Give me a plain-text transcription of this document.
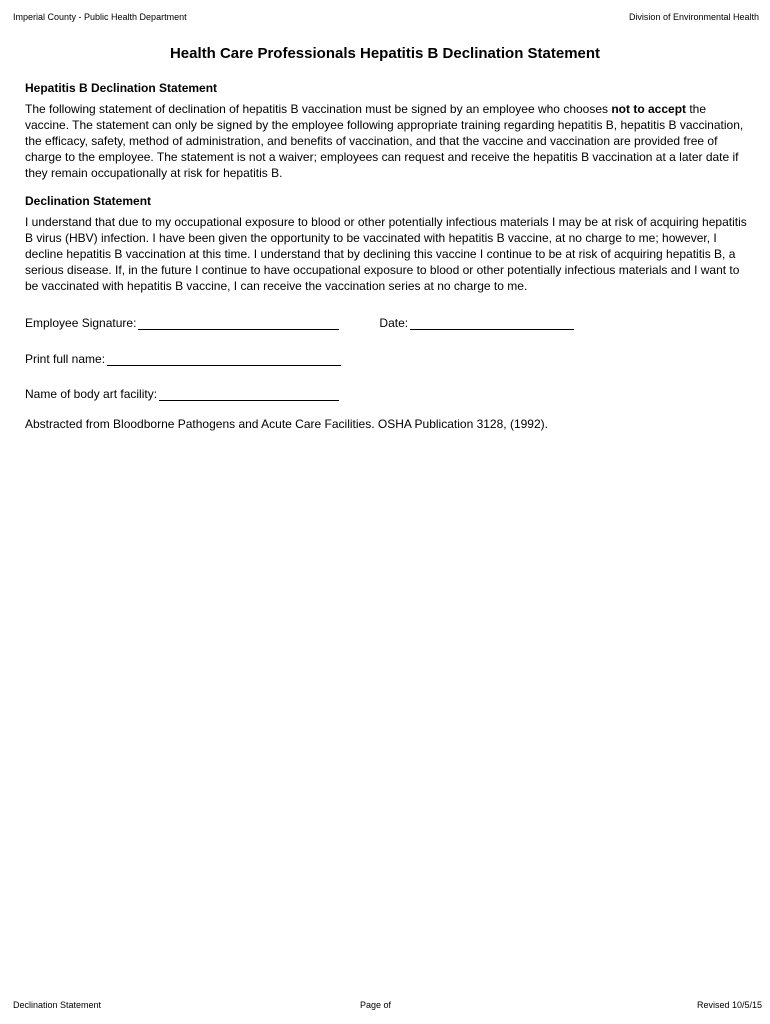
Imperial County - Public Health Department	Division of Environmental Health
Health Care Professionals Hepatitis B Declination Statement
Hepatitis B Declination Statement

The following statement of declination of hepatitis B vaccination must be signed by an employee who chooses not to accept the vaccine. The statement can only be signed by the employee following appropriate training regarding hepatitis B, hepatitis B vaccination, the efficacy, safety, method of administration, and benefits of vaccination, and that the vaccine and vaccination are provided free of charge to the employee. The statement is not a waiver; employees can request and receive the hepatitis B vaccination at a later date if they remain occupationally at risk for hepatitis B.

Declination Statement

I understand that due to my occupational exposure to blood or other potentially infectious materials I may be at risk of acquiring hepatitis B virus (HBV) infection. I have been given the opportunity to be vaccinated with hepatitis B vaccine, at no charge to me; however, I decline hepatitis B vaccination at this time. I understand that by declining this vaccine I continue to be at risk of acquiring hepatitis B, a serious disease. If, in the future I continue to have occupational exposure to blood or other potentially infectious materials and I want to be vaccinated with hepatitis B vaccine, I can receive the vaccination series at no charge to me.

Employee Signature:	Date:
Print full name:
Name of body art facility:
Abstracted from Bloodborne Pathogens and Acute Care Facilities. OSHA Publication 3128, (1992).
Declination Statement	Page of	Revised 10/5/15
